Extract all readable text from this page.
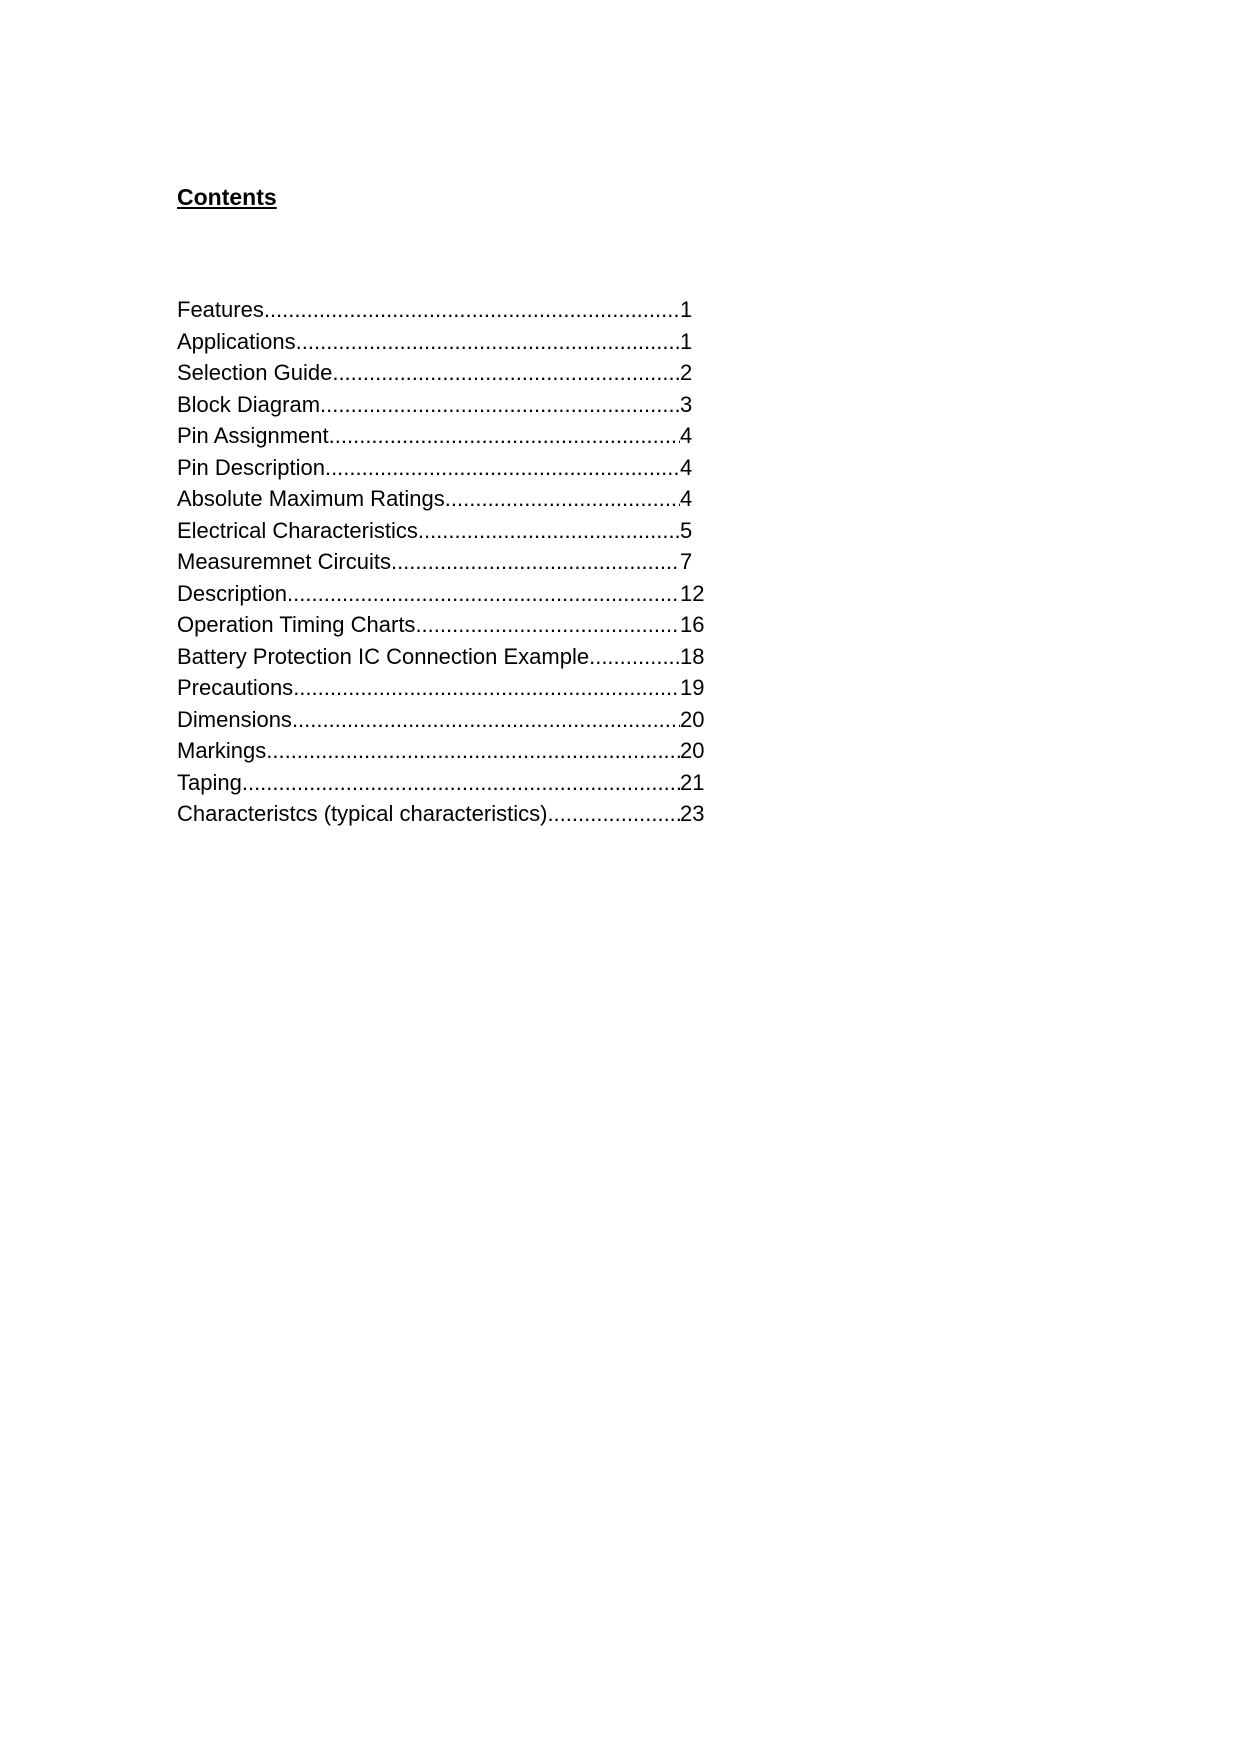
Contents
Features .....	1
Applications .....	1
Selection Guide .....	2
Block Diagram .....	3
Pin Assignment .....	4
Pin Description .....	4
Absolute Maximum Ratings .....	4
Electrical Characteristics .....	5
Measuremnet Circuits .....	7
Description .....	12
Operation Timing Charts .....	16
Battery Protection IC Connection Example .....	18
Precautions .....	19
Dimensions .....	20
Markings .....	20
Taping .....	21
Characteristcs (typical characteristics) .....	23
